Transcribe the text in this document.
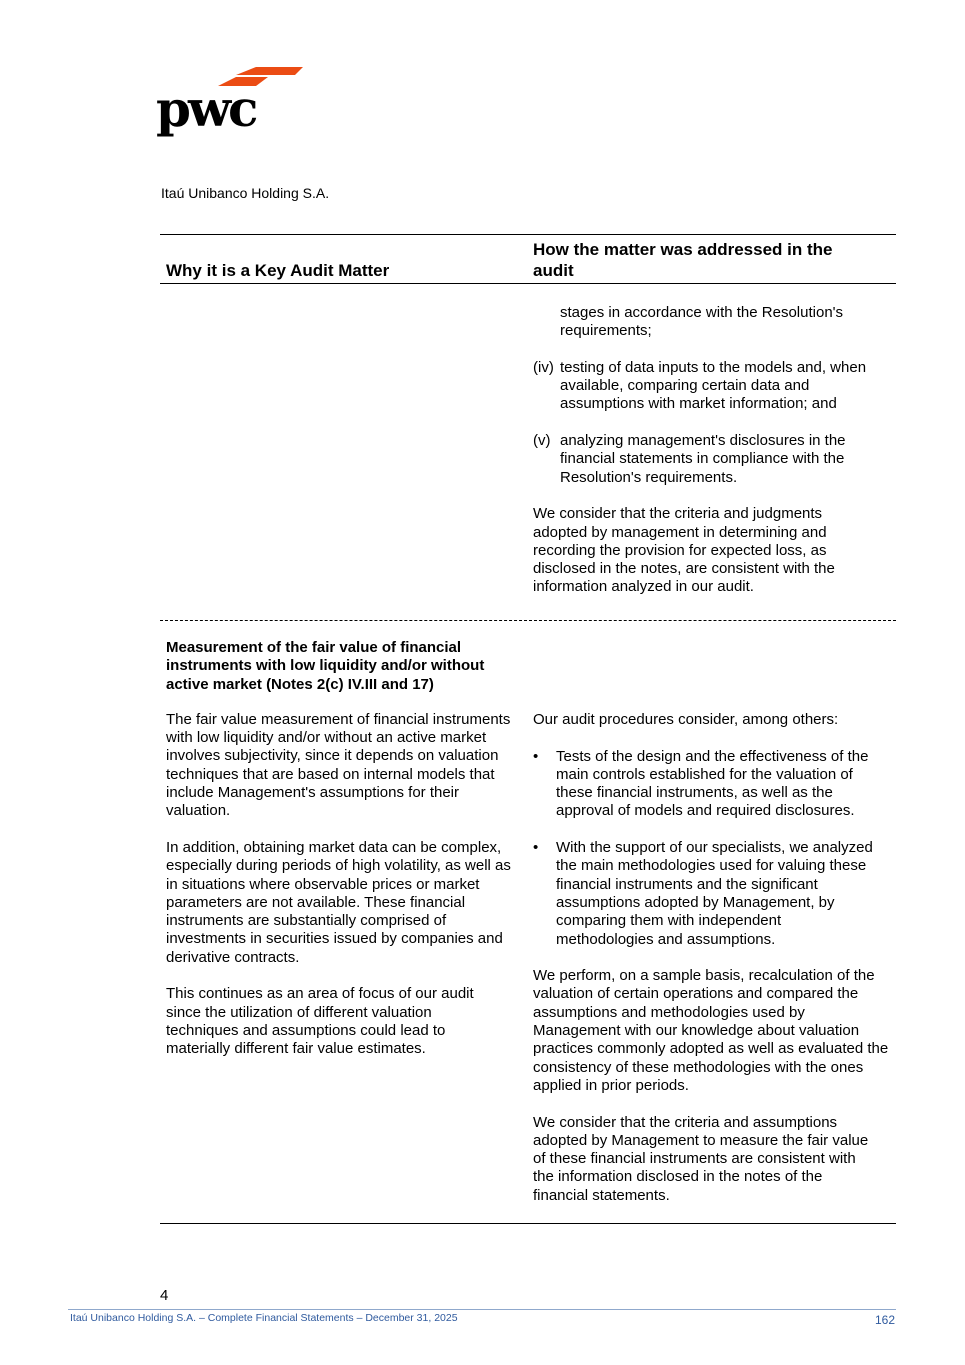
pwc
Itaú Unibanco Holding S.A.
Why it is a Key Audit Matter
How the matter was addressed in the audit

stages in accordance with the Resolution's requirements;

(iv) testing of data inputs to the models and, when available, comparing certain data and assumptions with market information; and

(v) analyzing management's disclosures in the financial statements in compliance with the Resolution's requirements.

We consider that the criteria and judgments adopted by management in determining and recording the provision for expected loss, as disclosed in the notes, are consistent with the information analyzed in our audit.

Measurement of the fair value of financial instruments with low liquidity and/or without active market (Notes 2(c) IV.III and 17)

The fair value measurement of financial instruments with low liquidity and/or without an active market involves subjectivity, since it depends on valuation techniques that are based on internal models that include Management's assumptions for their valuation.

In addition, obtaining market data can be complex, especially during periods of high volatility, as well as in situations where observable prices or market parameters are not available. These financial instruments are substantially comprised of investments in securities issued by companies and derivative contracts.

This continues as an area of focus of our audit since the utilization of different valuation techniques and assumptions could lead to materially different fair value estimates.

Our audit procedures consider, among others:

• Tests of the design and the effectiveness of the main controls established for the valuation of these financial instruments, as well as the approval of models and required disclosures.

• With the support of our specialists, we analyzed the main methodologies used for valuing these financial instruments and the significant assumptions adopted by Management, by comparing them with independent methodologies and assumptions.

We perform, on a sample basis, recalculation of the valuation of certain operations and compared the assumptions and methodologies used by Management with our knowledge about valuation practices commonly adopted as well as evaluated the consistency of these methodologies with the ones applied in prior periods.

We consider that the criteria and assumptions adopted by Management to measure the fair value of these financial instruments are consistent with the information disclosed in the notes of the financial statements.

4
Itaú Unibanco Holding S.A. – Complete Financial Statements – December 31, 2025	162
